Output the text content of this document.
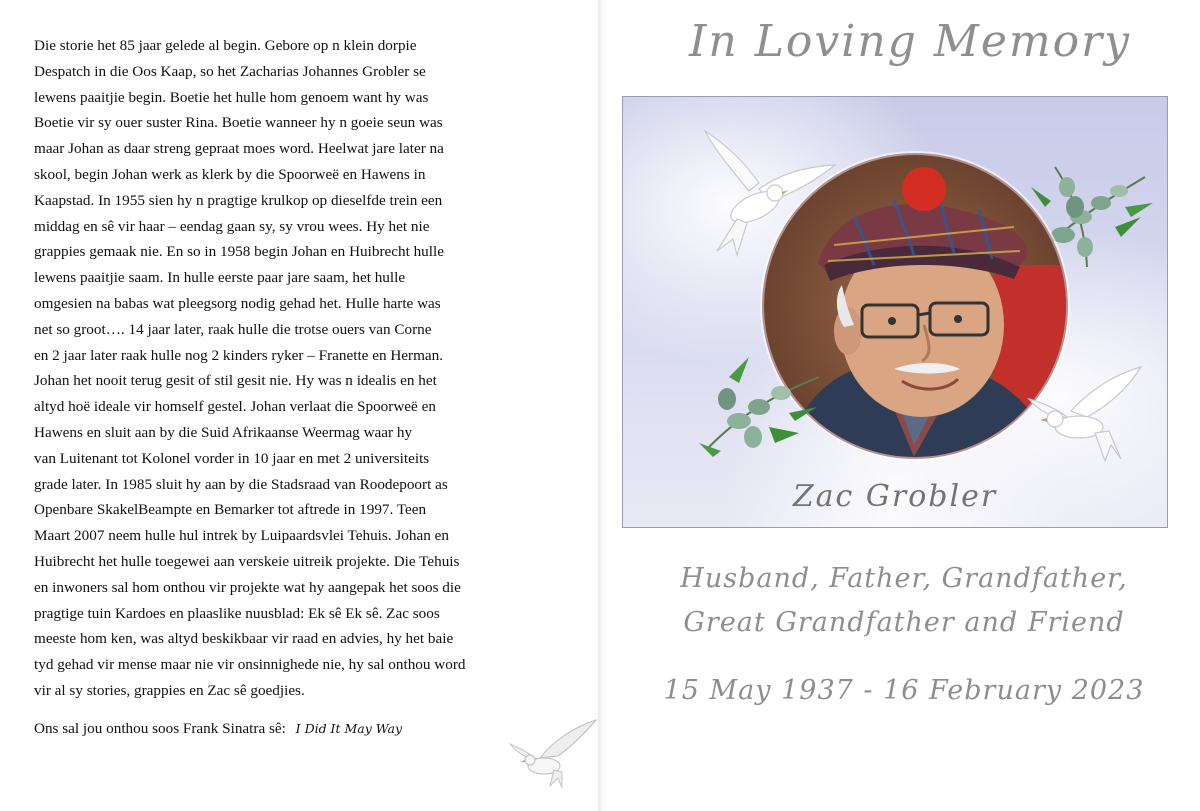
Die storie het 85 jaar gelede al begin. Gebore op n klein dorpie
Despatch in die Oos Kaap, so het Zacharias Johannes Grobler se
lewens paaitjie begin. Boetie het hulle hom genoem want hy was
Boetie vir sy ouer suster Rina. Boetie wanneer hy n goeie seun was
maar Johan as daar streng gepraat moes word. Heelwat jare later na
skool, begin Johan werk as klerk by die Spoorweë en Hawens in
Kaapstad. In 1955 sien hy n pragtige krulkop op dieselfde trein een
middag en sê vir haar – eendag gaan sy, sy vrou wees. Hy het nie
grappies gemaak nie. En so in 1958 begin Johan en Huibrecht hulle
lewens paaitjie saam. In hulle eerste paar jare saam, het hulle
omgesien na babas wat pleegsorg nodig gehad het. Hulle harte was
net so groot…. 14 jaar later, raak hulle die trotse ouers van Corne
en 2 jaar later raak hulle nog 2 kinders ryker – Franette en Herman.
Johan het nooit terug gesit of stil gesit nie. Hy was n idealis en het
altyd hoë ideale vir homself gestel. Johan verlaat die Spoorweë en
Hawens en sluit aan by die Suid Afrikaanse Weermag waar hy
van Luitenant tot Kolonel vorder in 10 jaar en met 2 universiteits
grade later. In 1985 sluit hy aan by die Stadsraad van Roodepoort as
Openbare SkakelBeampte en Bemarker tot aftrede in 1997. Teen
Maart 2007 neem hulle hul intrek by Luipaardsvlei Tehuis. Johan en
Huibrecht het hulle toegewei aan verskeie uitreik projekte. Die Tehuis
en inwoners sal hom onthou vir projekte wat hy aangepak het soos die
pragtige tuin Kardoes en plaaslike nuusblad: Ek sê Ek sê. Zac soos
meeste hom ken, was altyd beskikbaar vir raad en advies, hy het baie
tyd gehad vir mense maar nie vir onsinnighede nie, hy sal onthou word
vir al sy stories, grappies en Zac sê goedjies.
Ons sal jou onthou soos Frank Sinatra sê: I Did It May Way
In Loving Memory
Zac Grobler
Husband, Father, Grandfather,
Great Grandfather and Friend
15 May 1937 - 16 February 2023
